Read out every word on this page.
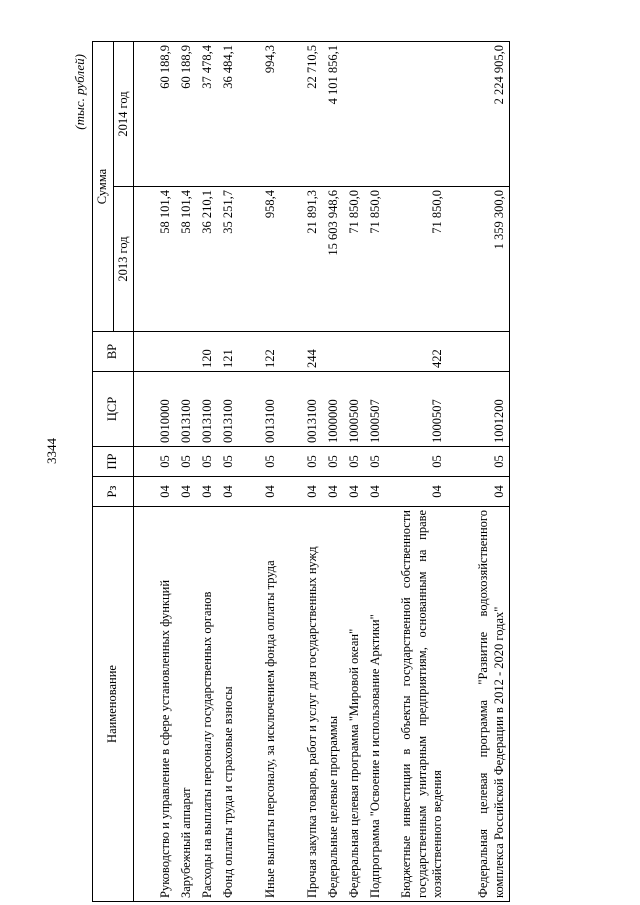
3344
(тыс. рублей)
Наименование	Рз	ПР	ЦСР	ВР	Сумма	
					2013 год	2014 год
Руководство и управление в сфере установленных функций	04	05	0010000		58 101,4	60 188,9
Зарубежный аппарат	04	05	0013100		58 101,4	60 188,9
Расходы на выплаты персоналу государственных органов	04	05	0013100	120	36 210,1	37 478,4
Фонд оплаты труда и страховые взносы	04	05	0013100	121	35 251,7	36 484,1
Иные выплаты персоналу, за исключением фонда оплаты труда	04	05	0013100	122	958,4	994,3
Прочая закупка товаров, работ и услуг для государственных нужд	04	05	0013100	244	21 891,3	22 710,5
Федеральные целевые программы	04	05	1000000		15 603 948,6	4 101 856,1
Федеральная целевая программа "Мировой океан"	04	05	1000500		71 850,0	
Подпрограмма "Освоение и использование Арктики"	04	05	1000507		71 850,0	
Бюджетные инвестиции в объекты государственной собственности государственным унитарным предприятиям, основанным на праве хозяйственного ведения	04	05	1000507	422	71 850,0	
Федеральная целевая программа "Развитие водохозяйственного комплекса Российской Федерации в 2012 - 2020 годах"	04	05	1001200		1 359 300,0	2 224 905,0
